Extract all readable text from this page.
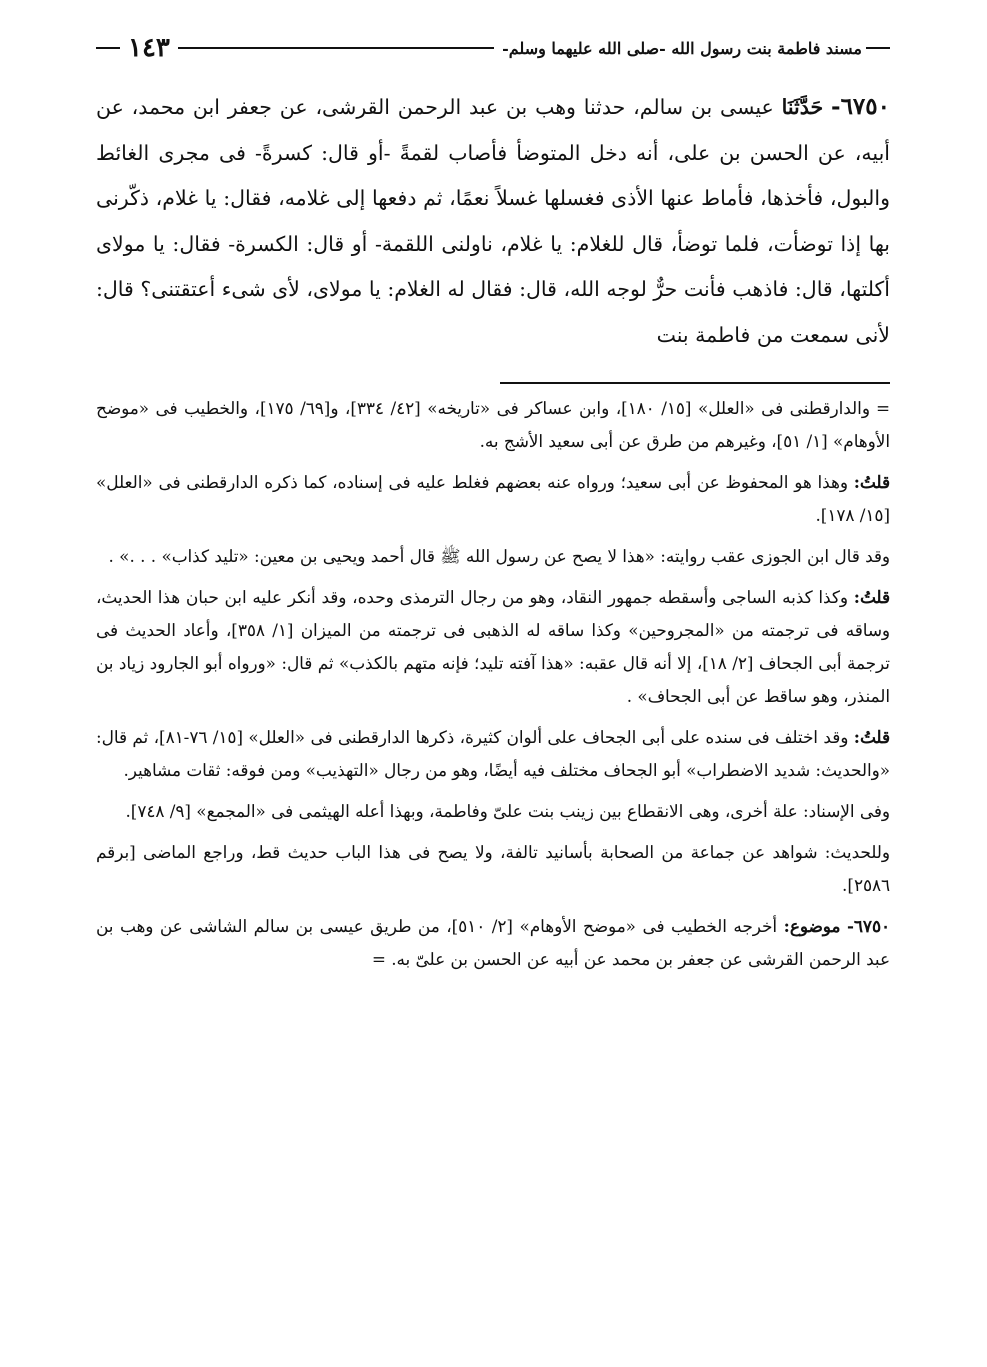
مسند فاطمة بنت رسول الله -صلى الله عليهما وسلم-
١٤٣

٦٧٥٠- حَدَّثَنَا عيسى بن سالم، حدثنا وهب بن عبد الرحمن القرشى، عن جعفر ابن محمد، عن أبيه، عن الحسن بن على، أنه دخل المتوضأ فأصاب لقمةً -أو قال: كسرةً- فى مجرى الغائط والبول، فأخذها، فأماط عنها الأذى فغسلها غسلاً نعمًا، ثم دفعها إلى غلامه، فقال: يا غلام، ذكّرنى بها إذا توضأت، فلما توضأ، قال للغلام: يا غلام، ناولنى اللقمة- أو قال: الكسرة- فقال: يا مولاى أكلتها، قال: فاذهب فأنت حرٌّ لوجه الله، قال: فقال له الغلام: يا مولاى، لأى شىء أعتقتنى؟ قال: لأنى سمعت من فاطمة بنت

=والدارقطنى فى «العلل» [١٥/ ١٨٠]، وابن عساكر فى «تاريخه» [٤٢/ ٣٣٤]، و[٦٩/ ١٧٥]، والخطيب فى «موضح الأوهام» [١/ ٥١]، وغيرهم من طرق عن أبى سعيد الأشج به.

قلتُ: وهذا هو المحفوظ عن أبى سعيد؛ ورواه عنه بعضهم فغلط عليه فى إسناده، كما ذكره الدارقطنى فى «العلل» [١٥/ ١٧٨].

وقد قال ابن الجوزى عقب روايته: «هذا لا يصح عن رسول الله ﷺ قال أحمد ويحيى بن معين: «تليد كذاب» . . .» .

قلتُ: وكذا كذبه الساجى وأسقطه جمهور النقاد، وهو من رجال الترمذى وحده، وقد أنكر عليه ابن حبان هذا الحديث، وساقه فى ترجمته من «المجروحين» وكذا ساقه له الذهبى فى ترجمته من الميزان [١/ ٣٥٨]، وأعاد الحديث فى ترجمة أبى الجحاف [٢/ ١٨]، إلا أنه قال عقبه: «هذا آفته تليد؛ فإنه متهم بالكذب» ثم قال: «ورواه أبو الجارود زياد بن المنذر، وهو ساقط عن أبى الجحاف» .

قلتُ: وقد اختلف فى سنده على أبى الجحاف على ألوان كثيرة، ذكرها الدارقطنى فى «العلل» [١٥/ ٧٦-٨١]، ثم قال: «والحديث: شديد الاضطراب» أبو الجحاف مختلف فيه أيضًا، وهو من رجال «التهذيب» ومن فوقه: ثقات مشاهير.

وفى الإسناد: علة أخرى، وهى الانقطاع بين زينب بنت علىّ وفاطمة، وبهذا أعله الهيثمى فى «المجمع» [٩/ ٧٤٨].

وللحديث: شواهد عن جماعة من الصحابة بأسانيد تالفة، ولا يصح فى هذا الباب حديث قط، وراجع الماضى [برقم ٢٥٨٦].

٦٧٥٠- موضوع: أخرجه الخطيب فى «موضح الأوهام» [٢/ ٥١٠]، من طريق عيسى بن سالم الشاشى عن وهب بن عبد الرحمن القرشى عن جعفر بن محمد عن أبيه عن الحسن بن علىّ به. =
